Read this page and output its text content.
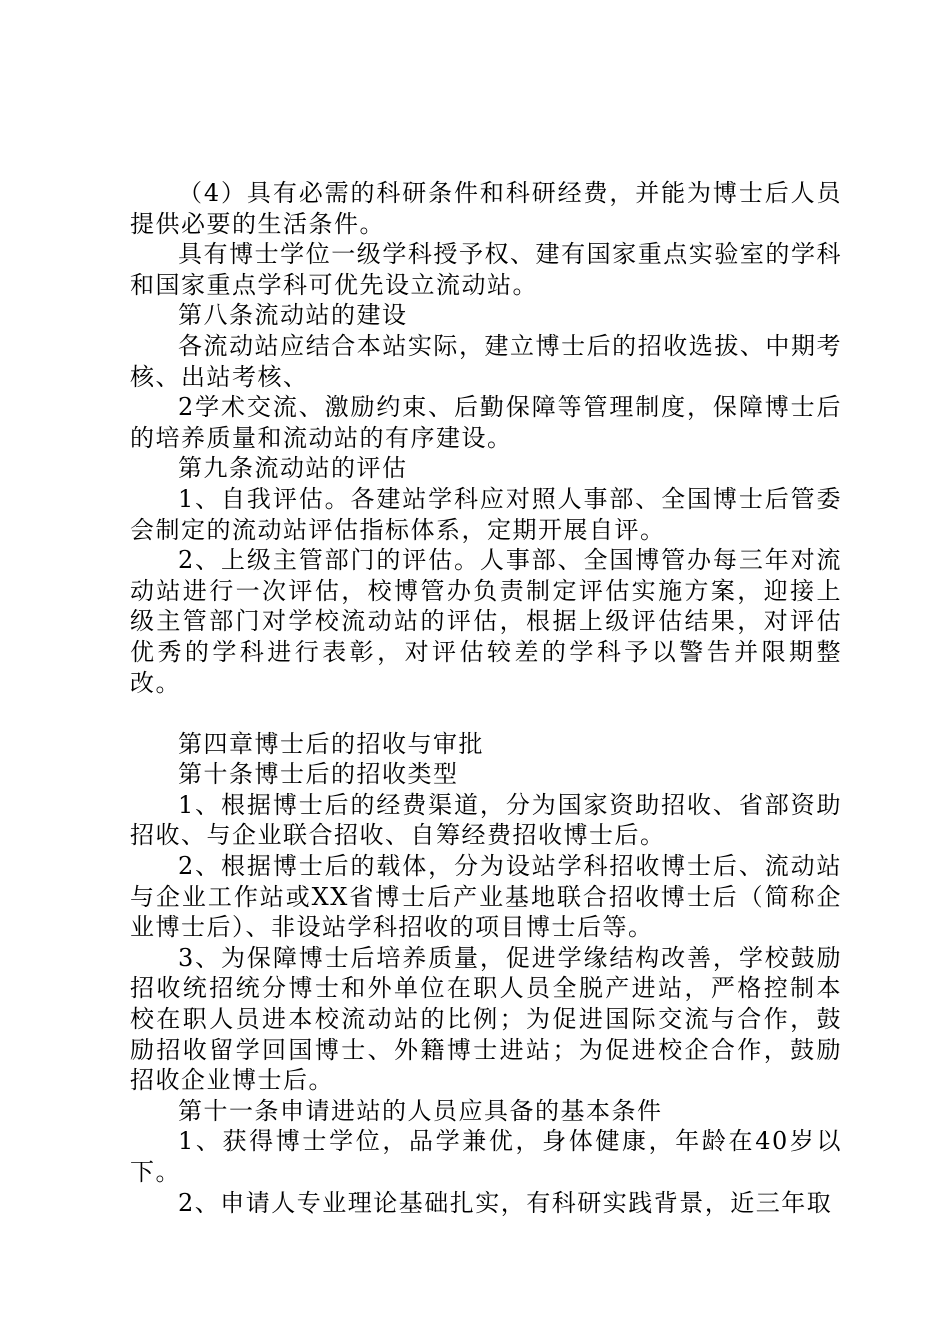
（4）具有必需的科研条件和科研经费，并能为博士后人员提供必要的生活条件。

具有博士学位一级学科授予权、建有国家重点实验室的学科和国家重点学科可优先设立流动站。

第八条流动站的建设

各流动站应结合本站实际，建立博士后的招收选拔、中期考核、出站考核、

2学术交流、激励约束、后勤保障等管理制度，保障博士后的培养质量和流动站的有序建设。

第九条流动站的评估

1、自我评估。各建站学科应对照人事部、全国博士后管委会制定的流动站评估指标体系，定期开展自评。

2、上级主管部门的评估。人事部、全国博管办每三年对流动站进行一次评估，校博管办负责制定评估实施方案，迎接上级主管部门对学校流动站的评估，根据上级评估结果，对评估优秀的学科进行表彰，对评估较差的学科予以警告并限期整改。

第四章博士后的招收与审批

第十条博士后的招收类型

1、根据博士后的经费渠道，分为国家资助招收、省部资助招收、与企业联合招收、自筹经费招收博士后。

2、根据博士后的载体，分为设站学科招收博士后、流动站与企业工作站或XX省博士后产业基地联合招收博士后（简称企业博士后）、非设站学科招收的项目博士后等。

3、为保障博士后培养质量，促进学缘结构改善，学校鼓励招收统招统分博士和外单位在职人员全脱产进站，严格控制本校在职人员进本校流动站的比例；为促进国际交流与合作，鼓励招收留学回国博士、外籍博士进站；为促进校企合作，鼓励招收企业博士后。

第十一条申请进站的人员应具备的基本条件

1、获得博士学位，品学兼优，身体健康，年龄在40岁以下。

2、申请人专业理论基础扎实，有科研实践背景，近三年取
